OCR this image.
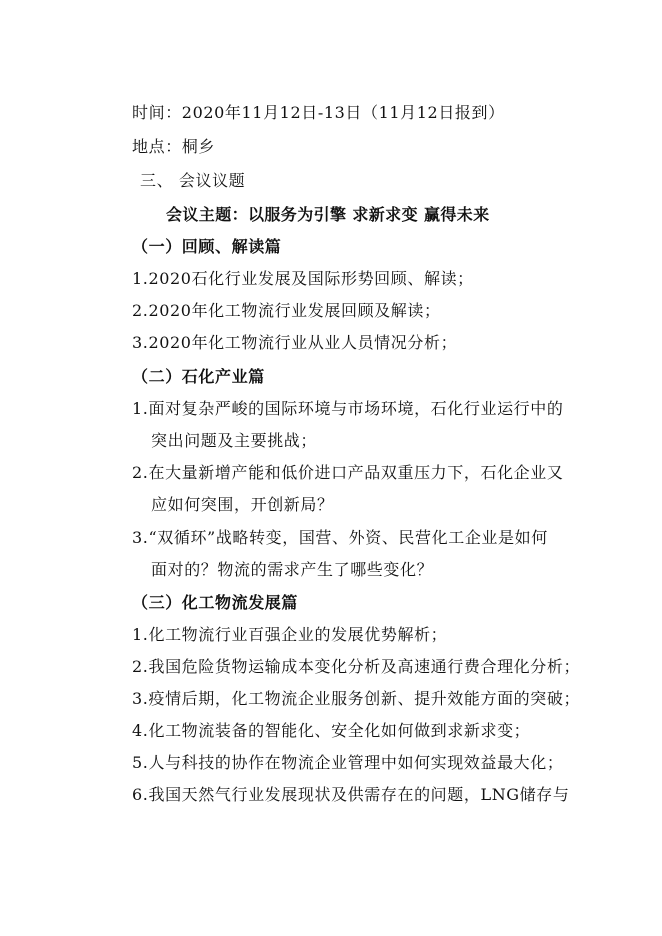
时间：2020年11月12日-13日（11月12日报到）
地点：桐乡
三、 会议议题
会议主题：以服务为引擎 求新求变 赢得未来
（一）回顾、解读篇
1.2020石化行业发展及国际形势回顾、解读；
2.2020年化工物流行业发展回顾及解读；
3.2020年化工物流行业从业人员情况分析；
（二）石化产业篇
1.面对复杂严峻的国际环境与市场环境，石化行业运行中的
突出问题及主要挑战；
2.在大量新增产能和低价进口产品双重压力下，石化企业又
应如何突围，开创新局？
3.“双循环”战略转变，国营、外资、民营化工企业是如何
面对的？物流的需求产生了哪些变化？
（三）化工物流发展篇
1.化工物流行业百强企业的发展优势解析；
2.我国危险货物运输成本变化分析及高速通行费合理化分析；
3.疫情后期，化工物流企业服务创新、提升效能方面的突破；
4.化工物流装备的智能化、安全化如何做到求新求变；
5.人与科技的协作在物流企业管理中如何实现效益最大化；
6.我国天然气行业发展现状及供需存在的问题，LNG储存与
